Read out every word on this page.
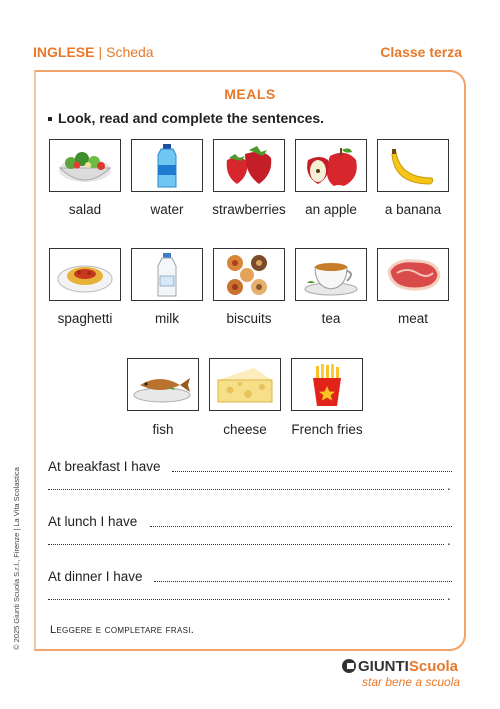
INGLESE | Scheda	Classe terza
MEALS
Look, read and complete the sentences.
salad	water	strawberries	an apple	a banana
spaghetti	milk	biscuits	tea	meat
fish	cheese	French fries
At breakfast I have
.
At lunch I have
.
At dinner I have
.
Leggere e completare frasi.
© 2025 Giunti Scuola S.r.l., Firenze | La Vita Scolastica
GIUNTIScuola
star bene a scuola
